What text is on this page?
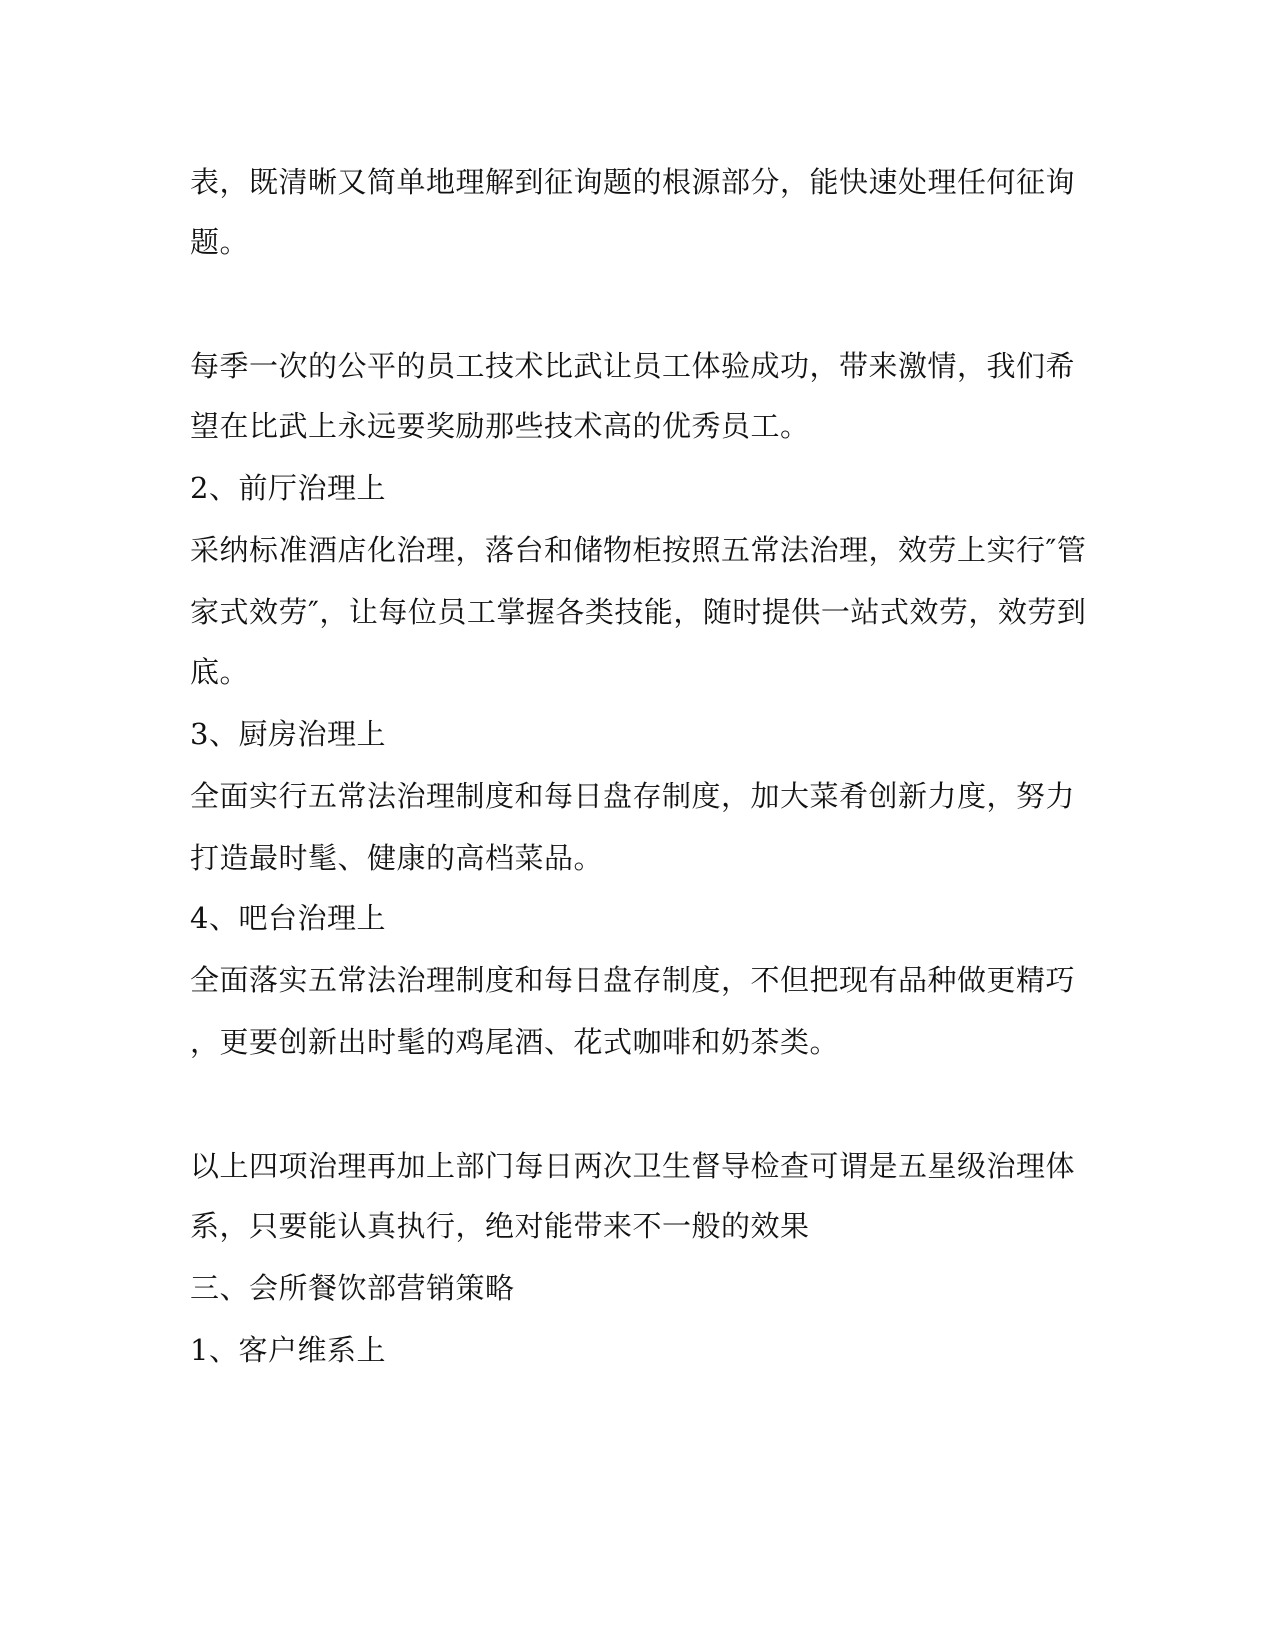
表，既清晰又简单地理解到征询题的根源部分，能快速处理任何征询
题。
每季一次的公平的员工技术比武让员工体验成功，带来激情，我们希
望在比武上永远要奖励那些技术高的优秀员工。
2、前厅治理上
采纳标准酒店化治理，落台和储物柜按照五常法治理，效劳上实行″管
家式效劳″，让每位员工掌握各类技能，随时提供一站式效劳，效劳到
底。
3、厨房治理上
全面实行五常法治理制度和每日盘存制度，加大菜肴创新力度，努力
打造最时髦、健康的高档菜品。
4、吧台治理上
全面落实五常法治理制度和每日盘存制度，不但把现有品种做更精巧
，更要创新出时髦的鸡尾酒、花式咖啡和奶茶类。
以上四项治理再加上部门每日两次卫生督导检查可谓是五星级治理体
系，只要能认真执行，绝对能带来不一般的效果
三、会所餐饮部营销策略
1、客户维系上
